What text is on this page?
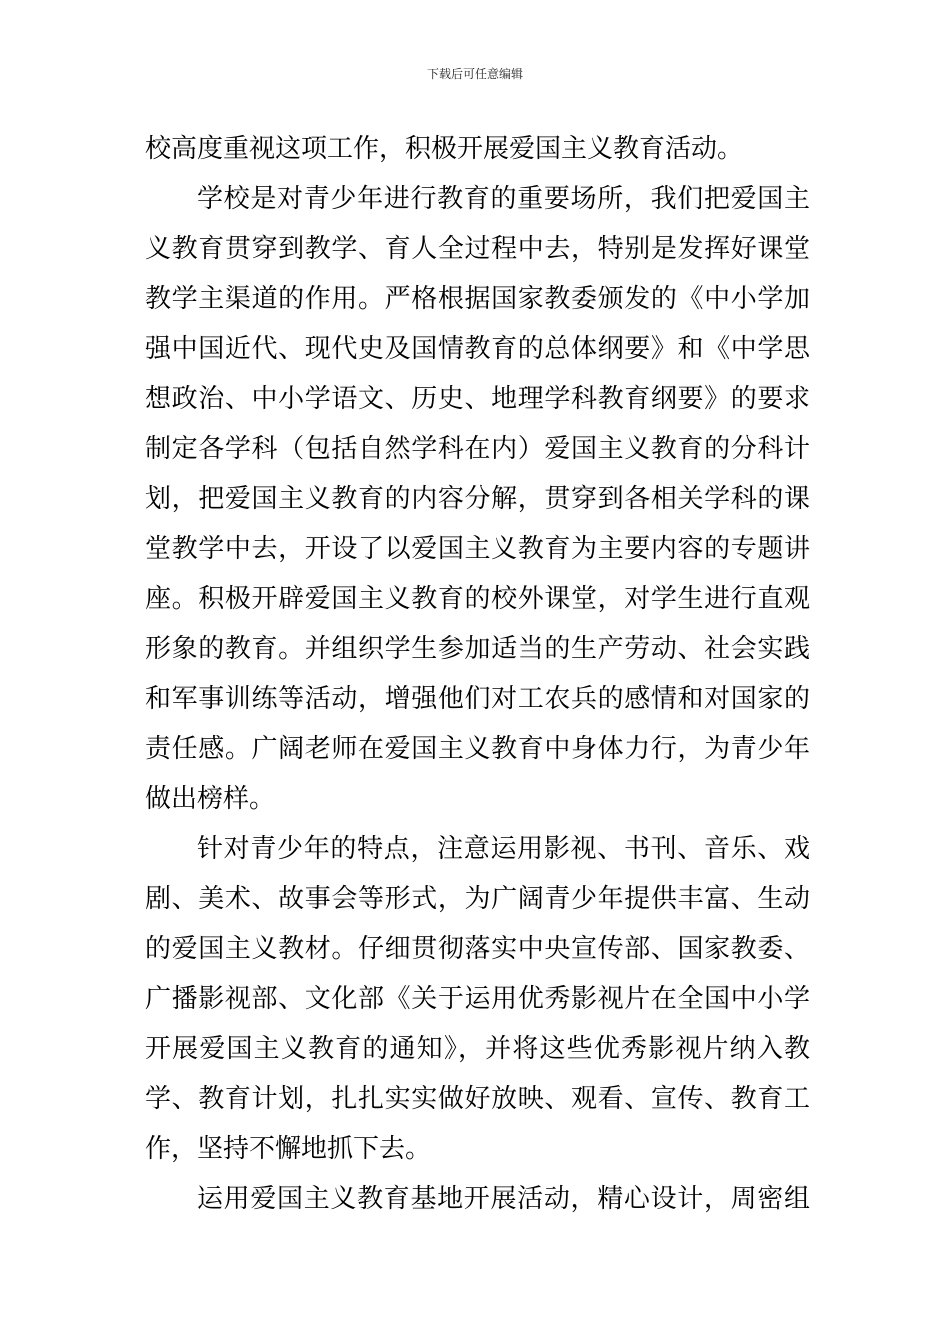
下载后可任意编辑
校高度重视这项工作，积极开展爱国主义教育活动。
学校是对青少年进行教育的重要场所，我们把爱国主
义教育贯穿到教学、育人全过程中去，特别是发挥好课堂
教学主渠道的作用。严格根据国家教委颁发的《中小学加
强中国近代、现代史及国情教育的总体纲要》和《中学思
想政治、中小学语文、历史、地理学科教育纲要》的要求
制定各学科（包括自然学科在内）爱国主义教育的分科计
划，把爱国主义教育的内容分解，贯穿到各相关学科的课
堂教学中去，开设了以爱国主义教育为主要内容的专题讲
座。积极开辟爱国主义教育的校外课堂，对学生进行直观
形象的教育。并组织学生参加适当的生产劳动、社会实践
和军事训练等活动，增强他们对工农兵的感情和对国家的
责任感。广阔老师在爱国主义教育中身体力行，为青少年
做出榜样。
针对青少年的特点，注意运用影视、书刊、音乐、戏
剧、美术、故事会等形式，为广阔青少年提供丰富、生动
的爱国主义教材。仔细贯彻落实中央宣传部、国家教委、
广播影视部、文化部《关于运用优秀影视片在全国中小学
开展爱国主义教育的通知》，并将这些优秀影视片纳入教
学、教育计划，扎扎实实做好放映、观看、宣传、教育工
作，坚持不懈地抓下去。
运用爱国主义教育基地开展活动，精心设计，周密组
